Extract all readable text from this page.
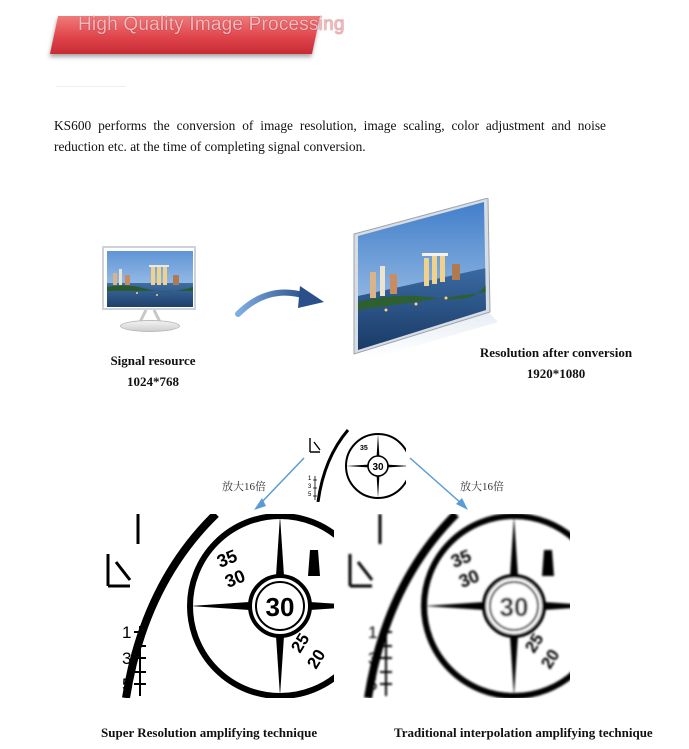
High Quality Image Processing
KS600 performs the conversion of image resolution, image scaling, color adjustment and noise reduction etc. at the time of completing signal conversion.
Signal resource
1024*768
Resolution after conversion
1920*1080
1
3
5
30
35
放大16倍	放大16倍
1
3
5
30
35
30
25
20
1
3
5
30
35
30
25
20
Super Resolution amplifying technique	Traditional interpolation amplifying technique
